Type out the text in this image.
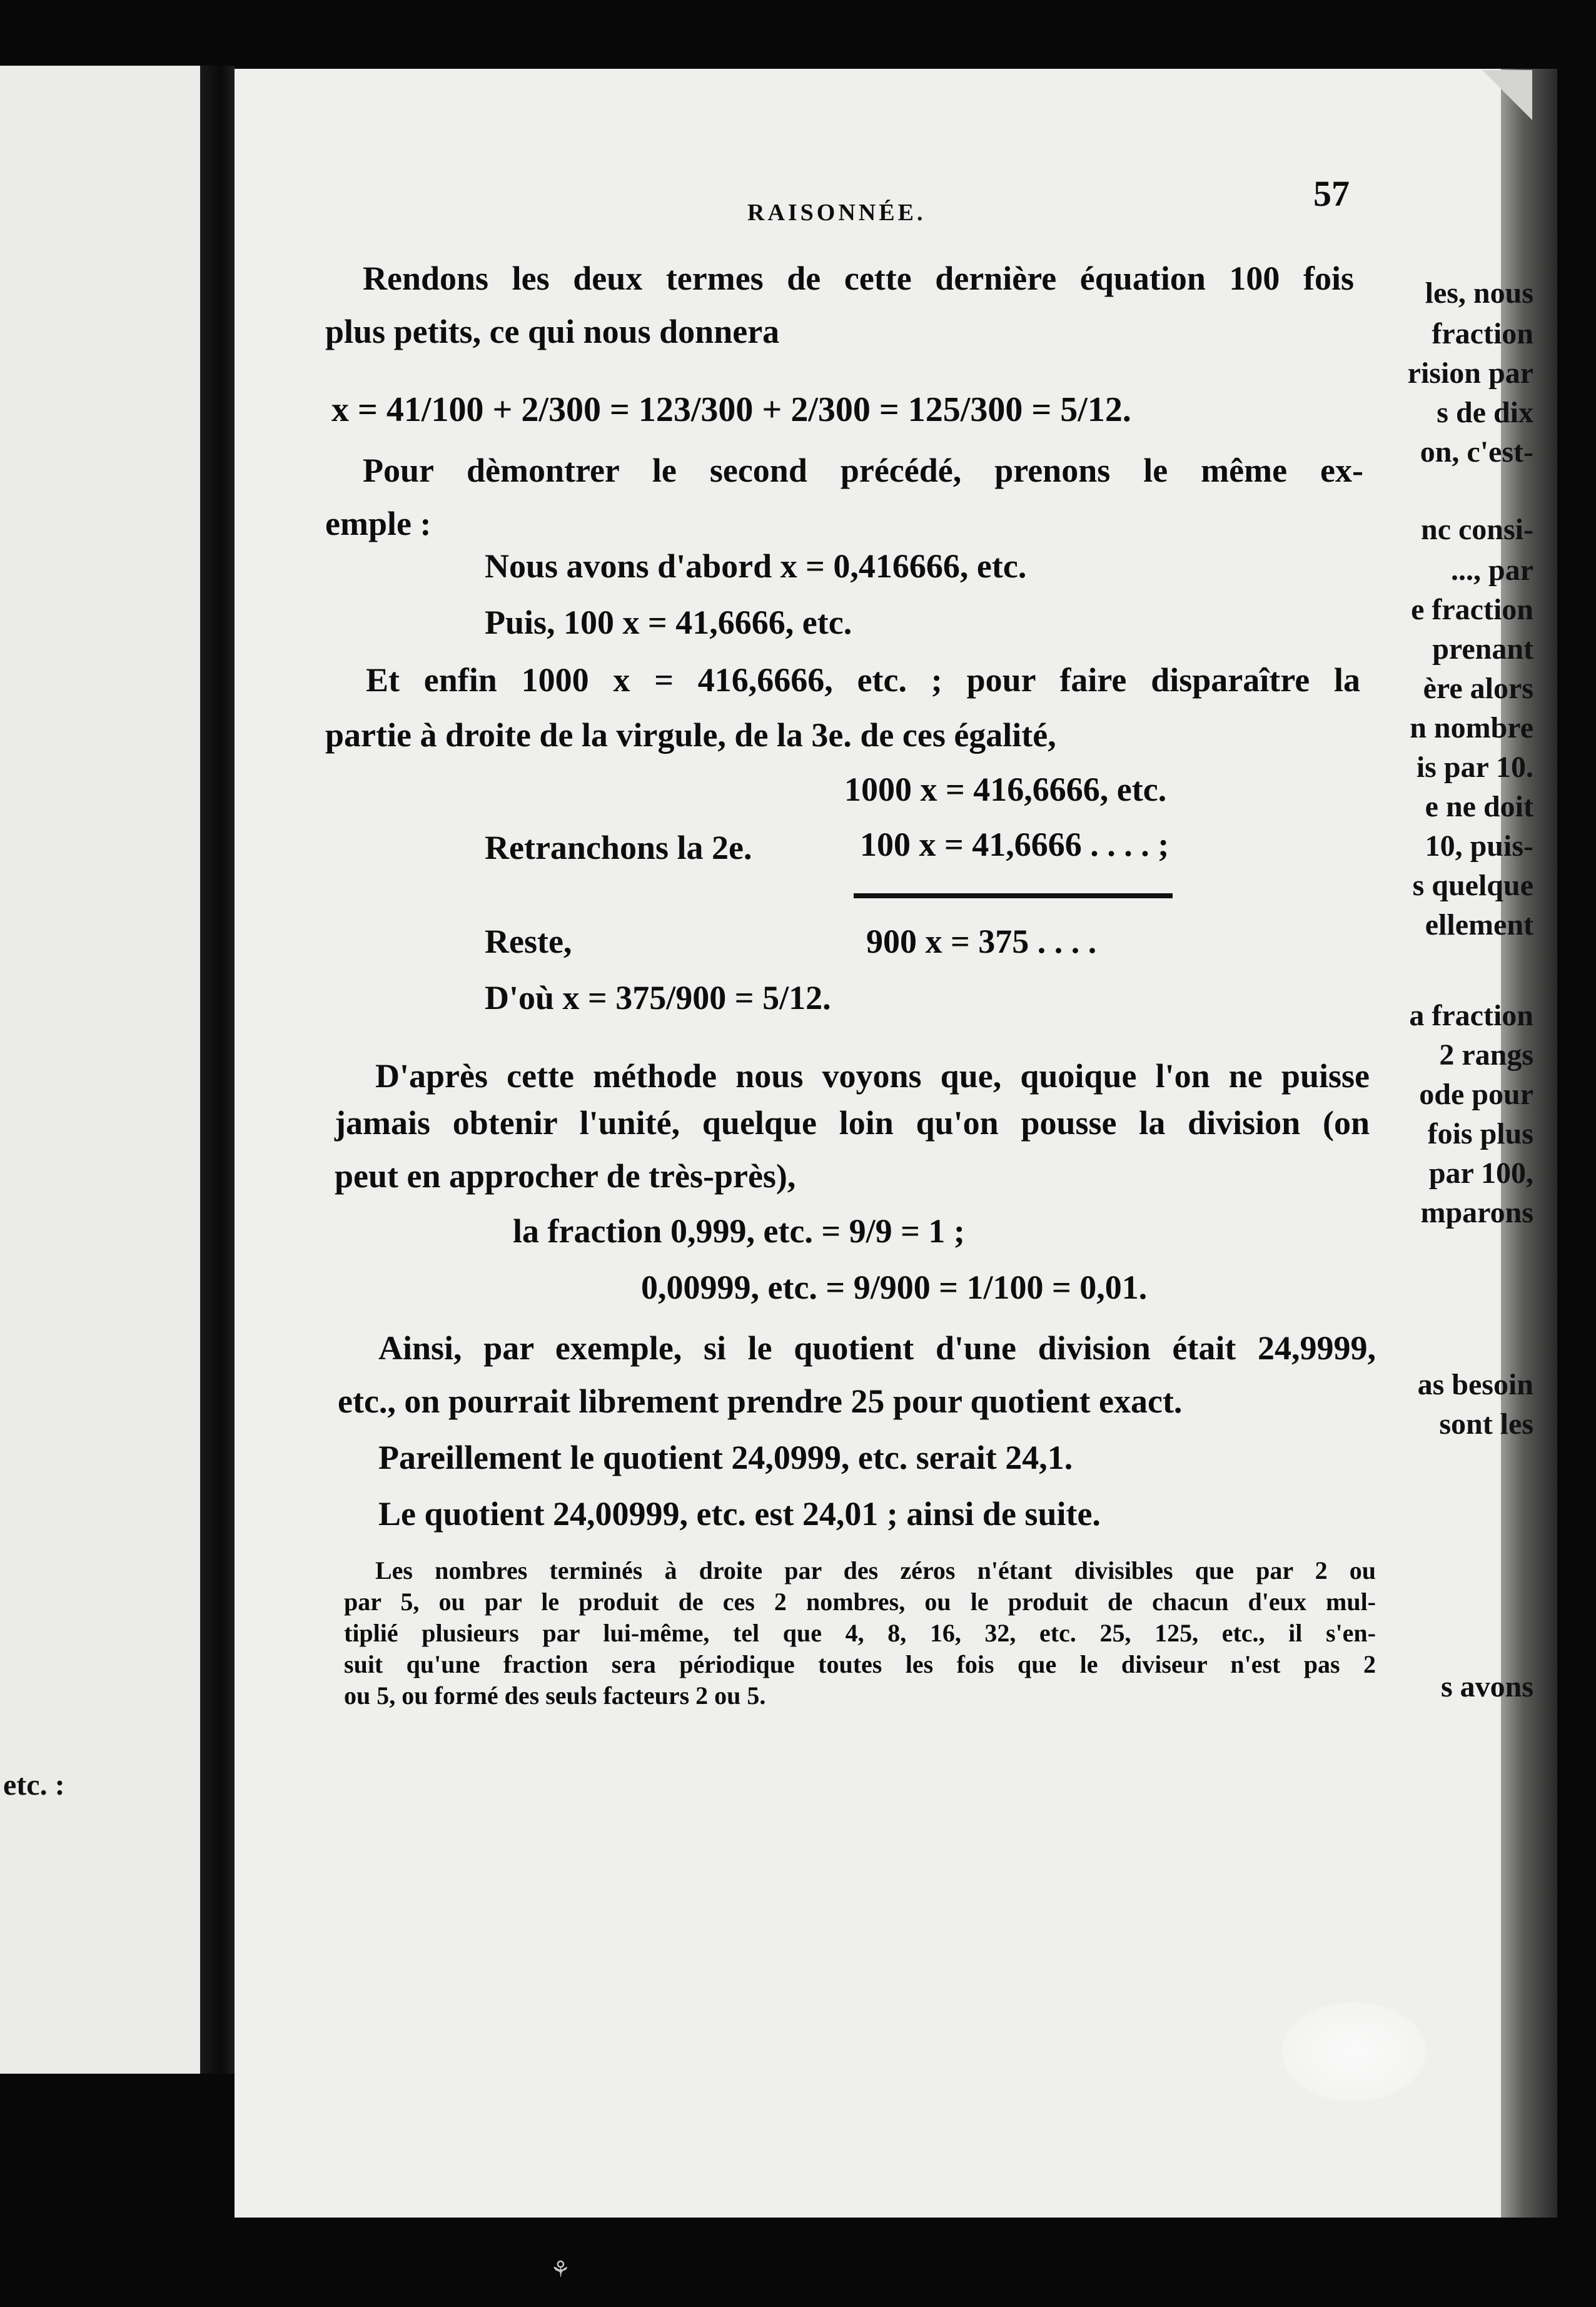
⚘
les, nous
fraction
rision par
s de dix
on, c'est-
nc consi-
..., par
e fraction
prenant
ère alors
n nombre
is par 10.
e ne doit
10, puis-
s quelque
ellement
a fraction
2 rangs
ode pour
fois plus
par 100,
mparons
as besoin
sont les
s avons
etc. :
RAISONNÉE.	57
Rendons les deux termes de cette dernière équation 100 fois
plus petits, ce qui nous donnera
x = 41/100 + 2/300 = 123/300 + 2/300 = 125/300 = 5/12.
Pour dèmontrer le second précédé, prenons le même ex-
emple :
Nous avons d'abord x = 0,416666, etc.
Puis, 100 x = 41,6666, etc.
Et enfin 1000 x = 416,6666, etc. ; pour faire disparaître la
partie à droite de la virgule, de la 3e. de ces égalité,
1000 x = 416,6666, etc.
Retranchons la 2e.	100 x = 41,6666 . . . . ;
Reste,	900 x = 375 . . . .
D'où x = 375/900 = 5/12.
D'après cette méthode nous voyons que, quoique l'on ne puisse
jamais obtenir l'unité, quelque loin qu'on pousse la division (on
peut en approcher de très-près),
la fraction 0,999, etc. = 9/9 = 1 ;
0,00999, etc. = 9/900 = 1/100 = 0,01.
Ainsi, par exemple, si le quotient d'une division était 24,9999,
etc., on pourrait librement prendre 25 pour quotient exact.
Pareillement le quotient 24,0999, etc. serait 24,1.
Le quotient 24,00999, etc. est 24,01 ; ainsi de suite.
Les nombres terminés à droite par des zéros n'étant divisibles que par 2 ou
par 5, ou par le produit de ces 2 nombres, ou le produit de chacun d'eux mul-
tiplié plusieurs par lui-même, tel que 4, 8, 16, 32, etc. 25, 125, etc., il s'en-
suit qu'une fraction sera périodique toutes les fois que le diviseur n'est pas 2
ou 5, ou formé des seuls facteurs 2 ou 5.
